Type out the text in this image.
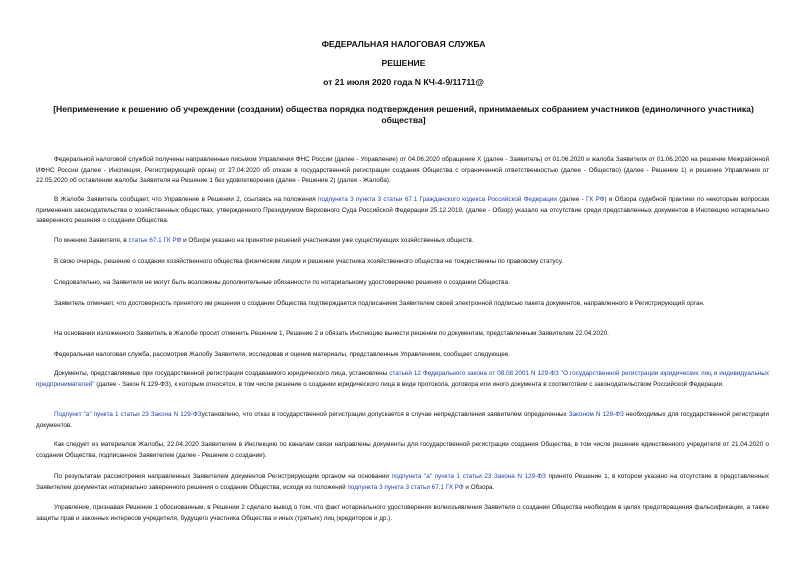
ФЕДЕРАЛЬНАЯ НАЛОГОВАЯ СЛУЖБА
РЕШЕНИЕ
от 21 июля 2020 года N КЧ-4-9/11711@
[Неприменение к решению об учреждении (создании) общества порядка подтверждения решений, принимаемых собранием участников (единоличного участника) общества]

Федеральной налоговой службой получены направленные письмом Управления ФНС России (далее - Управление) от 04.06.2020 обращение Х (далее - Заявитель) от 01.06.2020 и жалоба Заявителя от 01.06.2020 на решение Межрайонной ИФНС России (далее - Инспекция, Регистрирующий орган) от 27.04.2020 об отказе в государственной регистрации создания Общества с ограниченной ответственностью (далее - Общество) (далее - Решение 1) и решение Управления от 22.05.2020 об оставлении жалобы Заявителя на Решение 1 без удовлетворения (далее - Решение 2) (далее - Жалоба).

В Жалобе Заявитель сообщает, что Управление в Решении 2, ссылаясь на положения подпункта 3 пункта 3 статьи 67.1 Гражданского кодекса Российской Федерации (далее - ГК РФ) и Обзора судебной практики по некоторым вопросам применения законодательства о хозяйственных обществах, утвержденного Президиумом Верховного Суда Российской Федерации 25.12.2019, (далее - Обзор) указало на отсутствие среди представленных документов в Инспекцию нотариально заверенного решения о создании Общества.

По мнению Заявителя, в статье 67.1 ГК РФ и Обзоре указано на принятие решений участниками уже существующих хозяйственных обществ.

В свою очередь, решение о создании хозяйственного общества физическим лицом и решение участника хозяйственного общества не тождественны по правовому статусу.

Следовательно, на Заявителя не могут быть возложены дополнительные обязанности по нотариальному удостоверению решения о создании Общества.

Заявитель отмечает, что достоверность принятого им решения о создании Общества подтверждается подписанием Заявителем своей электронной подписью пакета документов, направленного в Регистрирующий орган.

На основании изложенного Заявитель в Жалобе просит отменить Решение 1, Решение 2 и обязать Инспекцию вынести решение по документам, представленным Заявителем 22.04.2020.

Федеральная налоговая служба, рассмотрев Жалобу Заявителя, исследовав и оценив материалы, представленные Управлением, сообщает следующее.

Документы, представляемые при государственной регистрации создаваемого юридического лица, установлены статьей 12 Федерального закона от 08.08.2001 N 129-ФЗ "О государственной регистрации юридических лиц и индивидуальных предпринимателей" (далее - Закон N 129-ФЗ), к которым относятся, в том числе решение о создании юридического лица в виде протокола, договора или иного документа в соответствии с законодательством Российской Федерации.

Подпункт "а" пункта 1 статьи 23 Закона N 129-ФЗустановлено, что отказ в государственной регистрации допускается в случае непредставления заявителем определенных Законом N 129-ФЗ необходимых для государственной регистрации документов.

Как следует из материалов Жалобы, 22.04.2020 Заявителем в Инспекцию по каналам связи направлены документы для государственной регистрации создания Общества, в том числе решение единственного учредителя от 21.04.2020 о создании Общества, подписанное Заявителем (далее - Решение о создании).

По результатам рассмотрения направленных Заявителем документов Регистрирующим органом на основании подпункта "а" пункта 1 статьи 23 Закона N 129-ФЗ принято Решение 1, в котором указано на отсутствие в представленных Заявителем документах нотариально заверенного решения о создании Общества, исходя из положений подпункта 3 пункта 3 статьи 67.1 ГК РФ и Обзора.

Управление, признавая Решение 1 обоснованным, в Решении 2 сделало вывод о том, что факт нотариального удостоверения волеизъявления Заявителя о создании Общества необходим в целях предотвращения фальсификации, а также защиты прав и законных интересов учредителя, будущего участника Общества и иных (третьих) лиц (кредиторов и др.).
